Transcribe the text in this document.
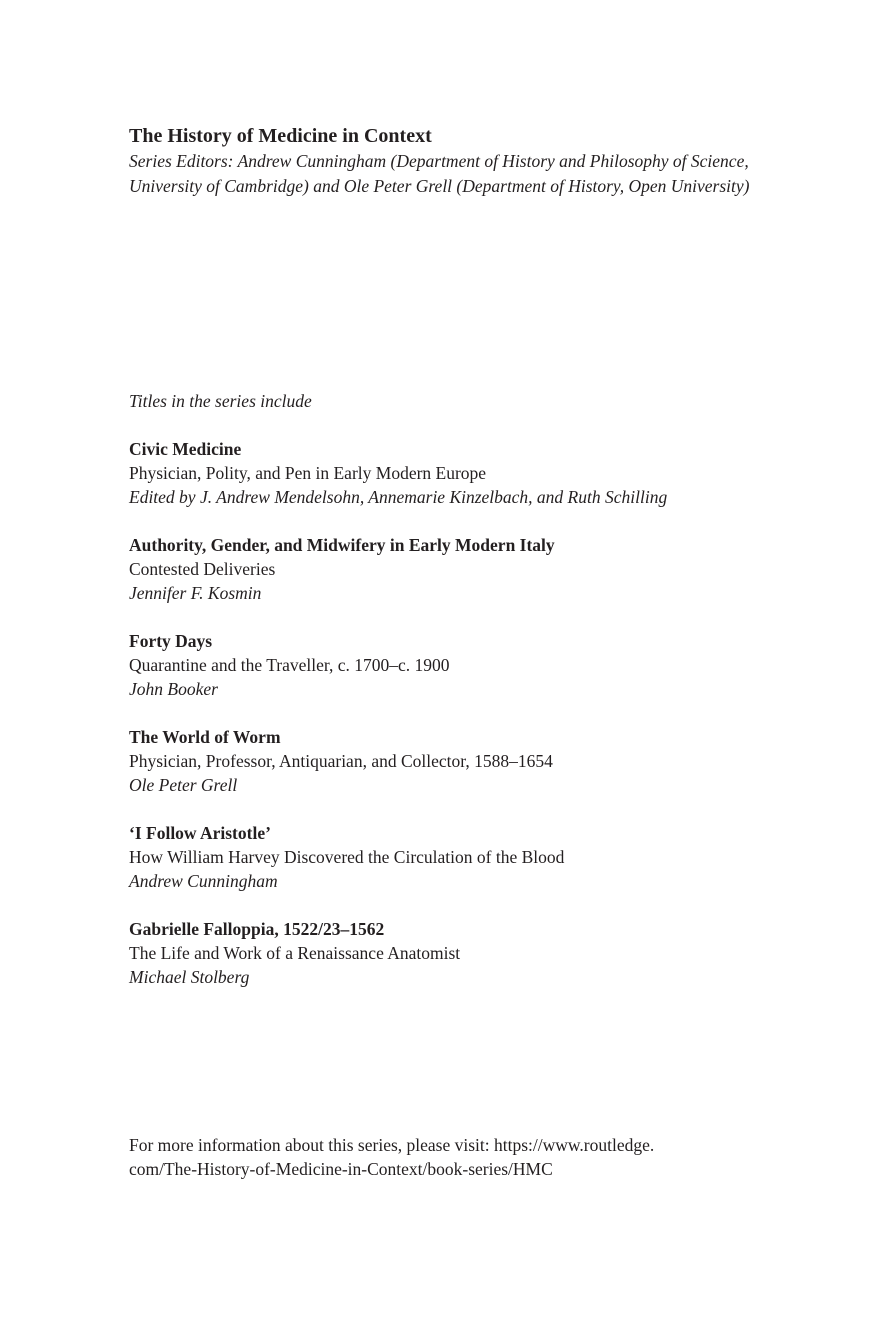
The History of Medicine in Context

Series Editors: Andrew Cunningham (Department of History and Philosophy of Science, University of Cambridge) and Ole Peter Grell (Department of History, Open University)

Titles in the series include

Civic Medicine
Physician, Polity, and Pen in Early Modern Europe
Edited by J. Andrew Mendelsohn, Annemarie Kinzelbach, and Ruth Schilling
Authority, Gender, and Midwifery in Early Modern Italy
Contested Deliveries
Jennifer F. Kosmin
Forty Days
Quarantine and the Traveller, c. 1700–c. 1900
John Booker
The World of Worm
Physician, Professor, Antiquarian, and Collector, 1588–1654
Ole Peter Grell
‘I Follow Aristotle’
How William Harvey Discovered the Circulation of the Blood
Andrew Cunningham
Gabrielle Falloppia, 1522/23–1562
The Life and Work of a Renaissance Anatomist
Michael Stolberg

For more information about this series, please visit: https://www.routledge.
com/The-History-of-Medicine-in-Context/book-series/HMC
